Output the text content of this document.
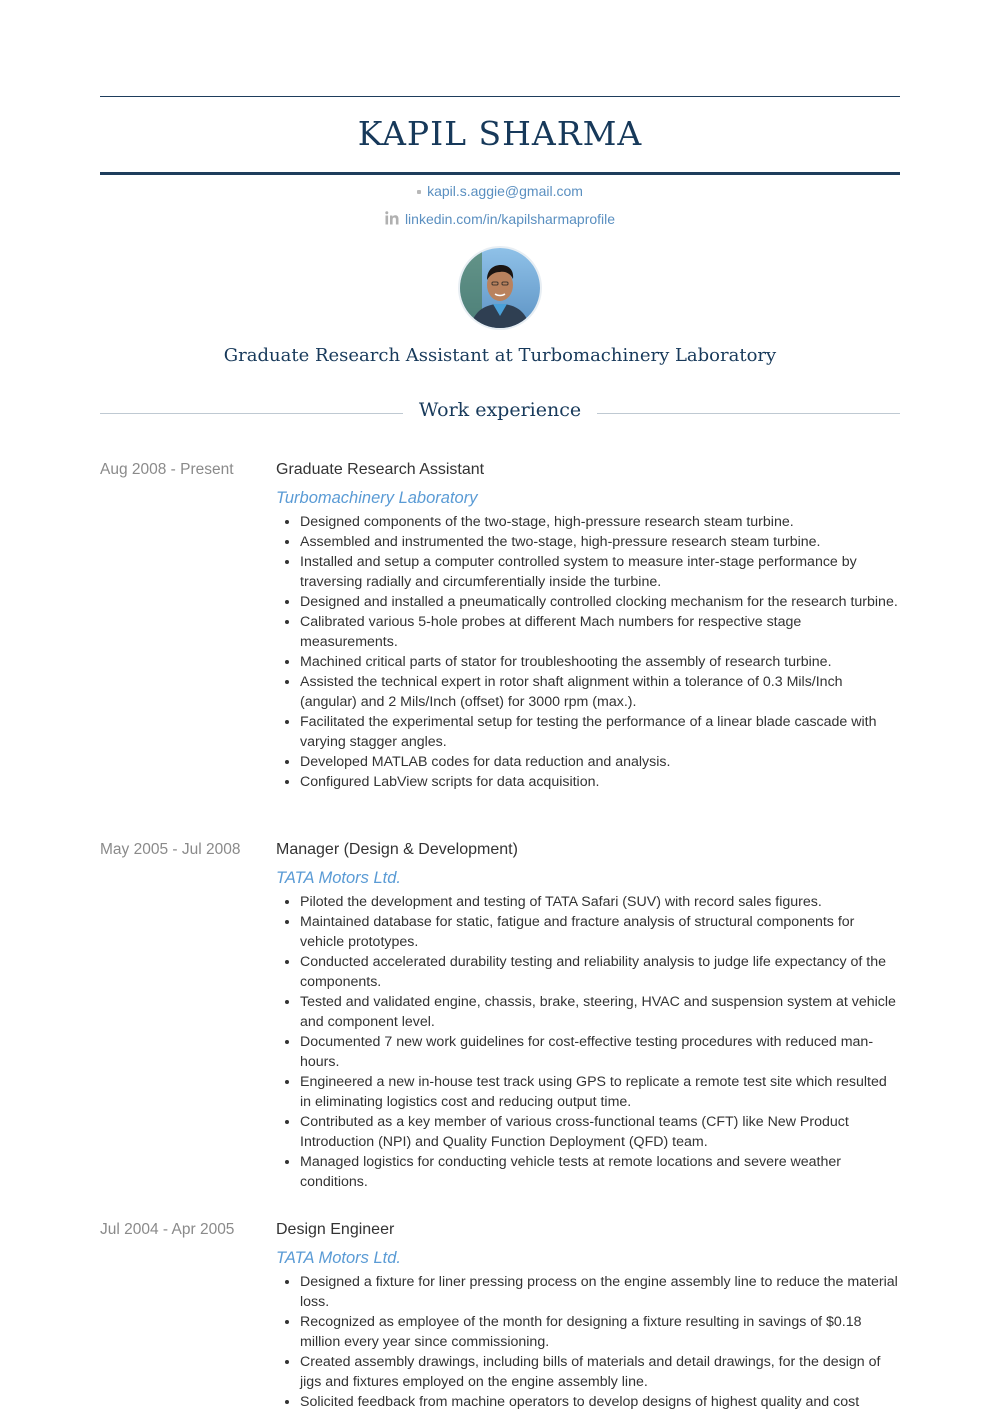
KAPIL SHARMA
kapil.s.aggie@gmail.com
linkedin.com/in/kapilsharmaprofile
Graduate Research Assistant at Turbomachinery Laboratory
Work experience
Aug 2008 - Present	Graduate Research Assistant
Turbomachinery Laboratory
• Designed components of the two-stage, high-pressure research steam turbine.
• Assembled and instrumented the two-stage, high-pressure research steam turbine.
• Installed and setup a computer controlled system to measure inter-stage performance by traversing radially and circumferentially inside the turbine.
• Designed and installed a pneumatically controlled clocking mechanism for the research turbine.
• Calibrated various 5-hole probes at different Mach numbers for respective stage measurements.
• Machined critical parts of stator for troubleshooting the assembly of research turbine.
• Assisted the technical expert in rotor shaft alignment within a tolerance of 0.3 Mils/Inch (angular) and 2 Mils/Inch (offset) for 3000 rpm (max.).
• Facilitated the experimental setup for testing the performance of a linear blade cascade with varying stagger angles.
• Developed MATLAB codes for data reduction and analysis.
• Configured LabView scripts for data acquisition.
May 2005 - Jul 2008	Manager (Design & Development)
TATA Motors Ltd.
• Piloted the development and testing of TATA Safari (SUV) with record sales figures.
• Maintained database for static, fatigue and fracture analysis of structural components for vehicle prototypes.
• Conducted accelerated durability testing and reliability analysis to judge life expectancy of the components.
• Tested and validated engine, chassis, brake, steering, HVAC and suspension system at vehicle and component level.
• Documented 7 new work guidelines for cost-effective testing procedures with reduced man-hours.
• Engineered a new in-house test track using GPS to replicate a remote test site which resulted in eliminating logistics cost and reducing output time.
• Contributed as a key member of various cross-functional teams (CFT) like New Product Introduction (NPI) and Quality Function Deployment (QFD) team.
• Managed logistics for conducting vehicle tests at remote locations and severe weather conditions.
Jul 2004 - Apr 2005	Design Engineer
TATA Motors Ltd.
• Designed a fixture for liner pressing process on the engine assembly line to reduce the material loss.
• Recognized as employee of the month for designing a fixture resulting in savings of $0.18 million every year since commissioning.
• Created assembly drawings, including bills of materials and detail drawings, for the design of jigs and fixtures employed on the engine assembly line.
• Solicited feedback from machine operators to develop designs of highest quality and cost
